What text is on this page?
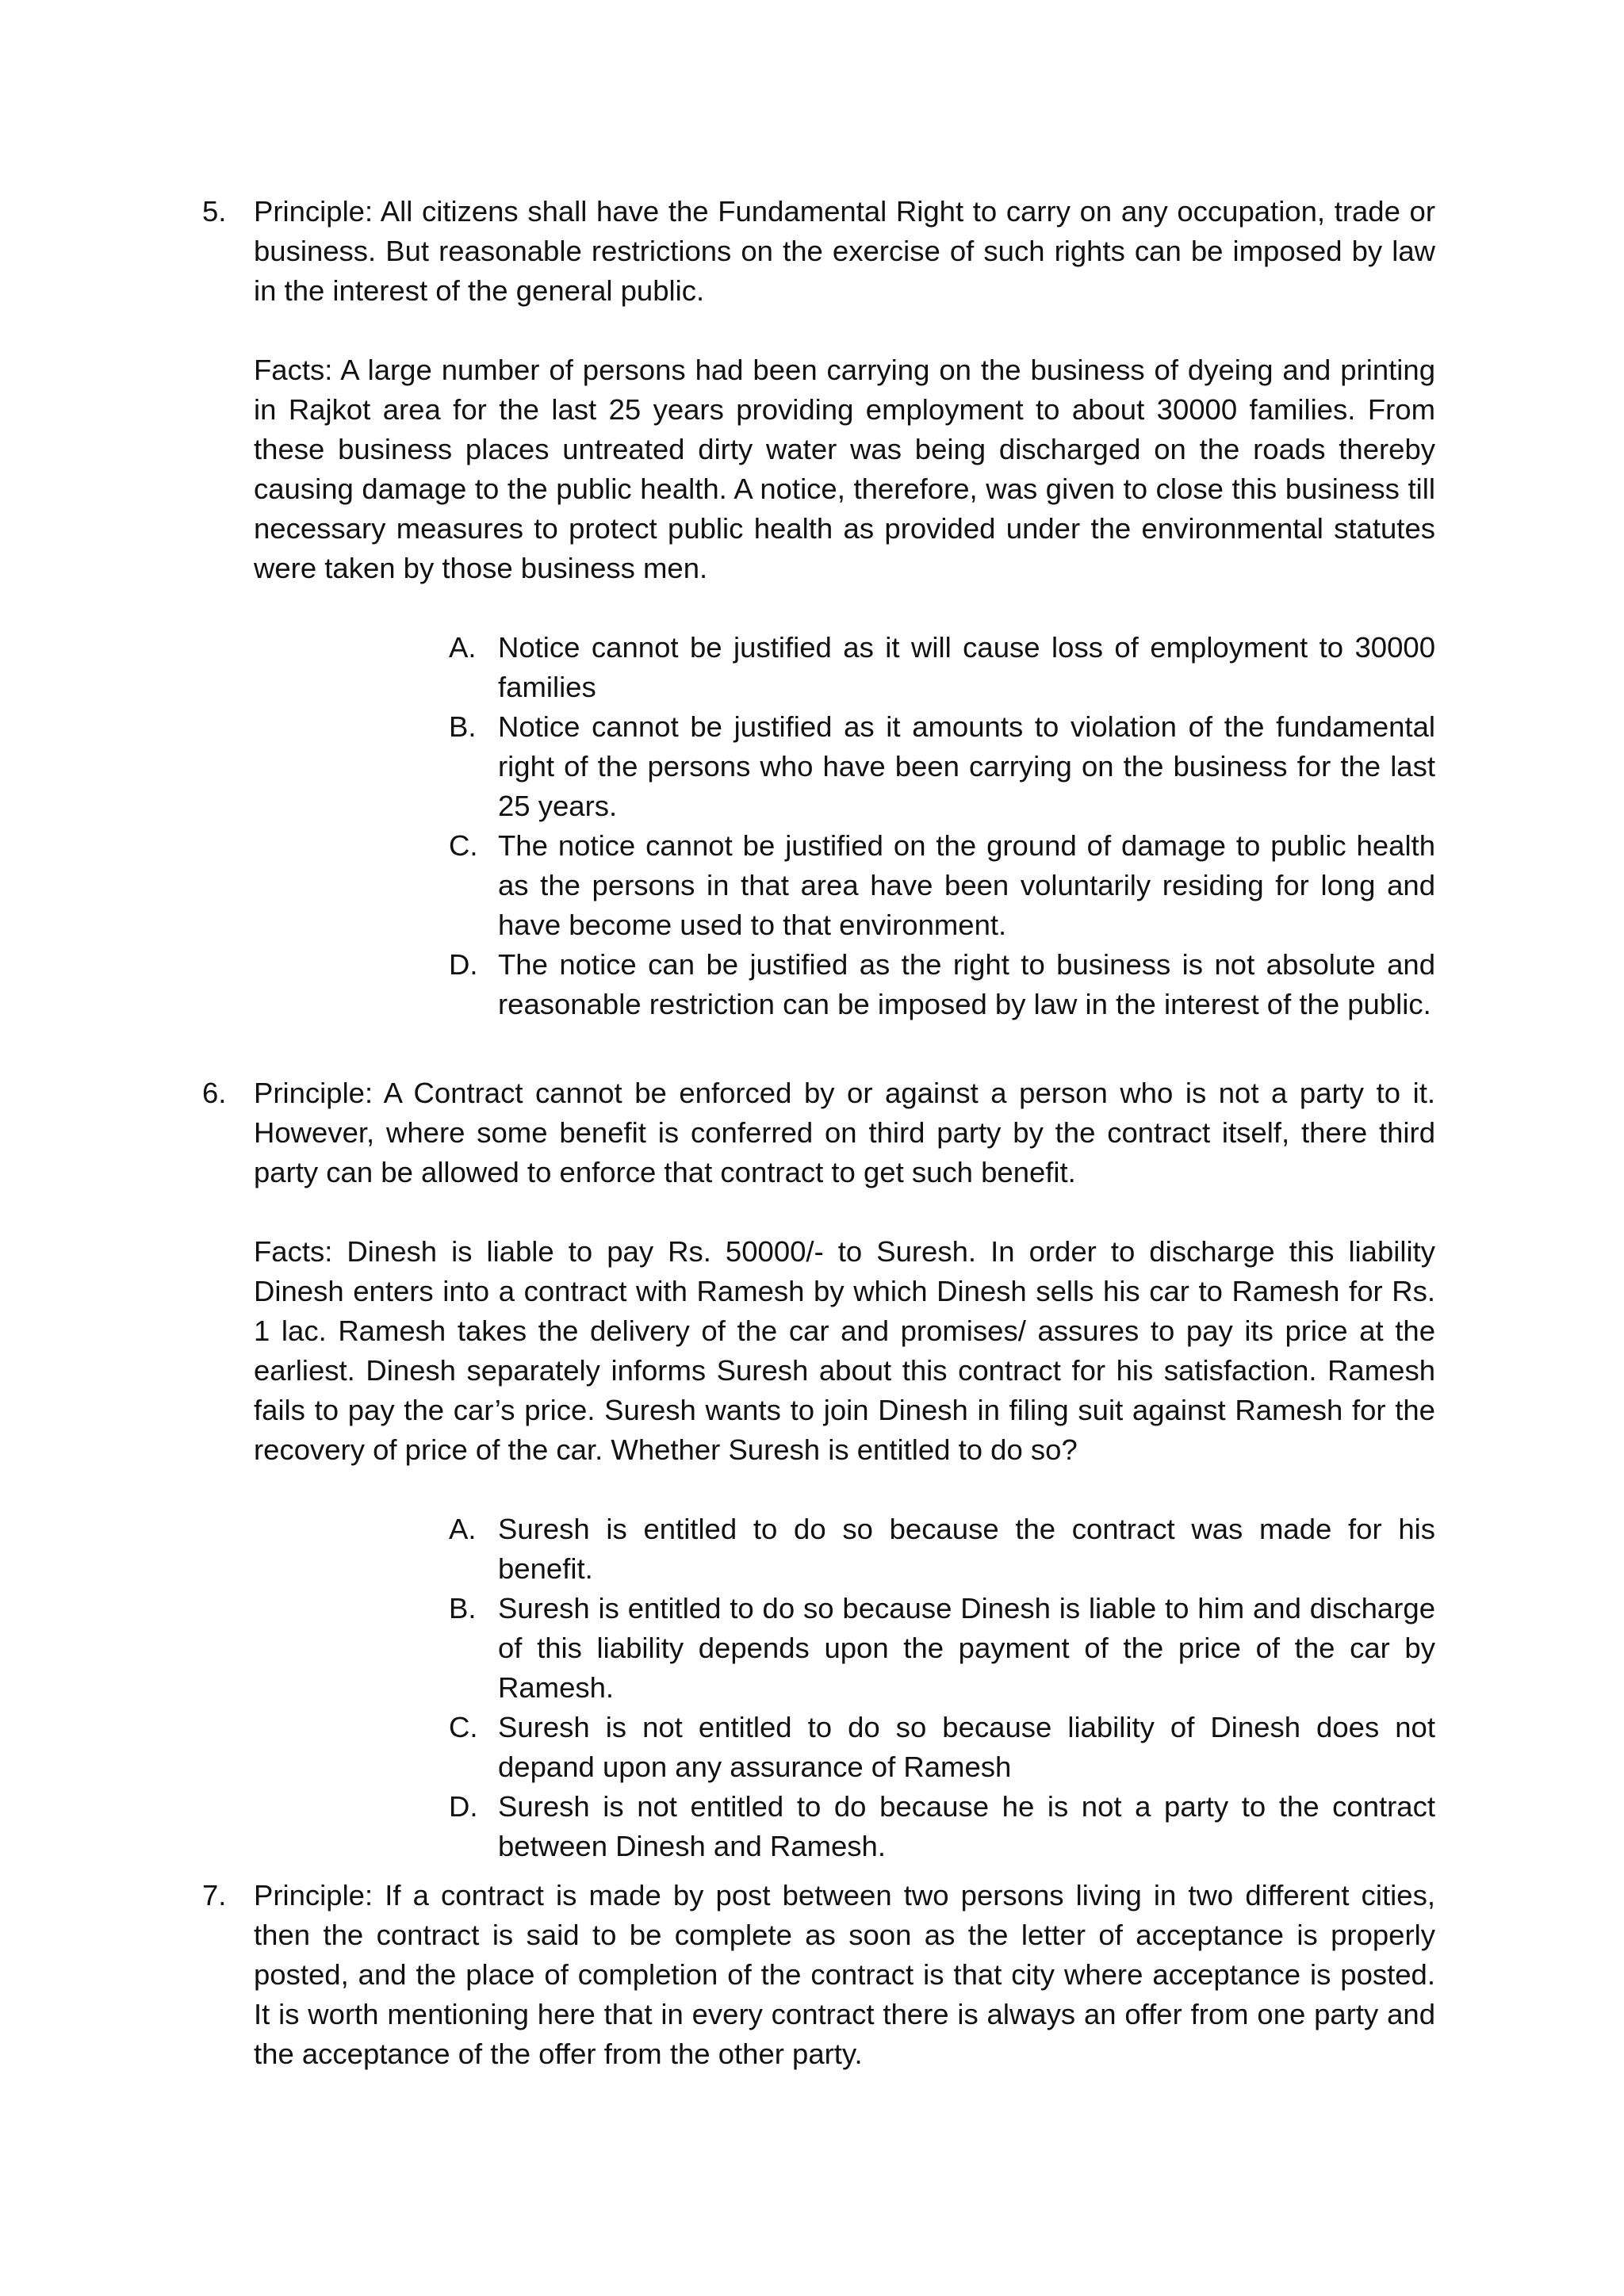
5. Principle: All citizens shall have the Fundamental Right to carry on any occupation, trade or business. But reasonable restrictions on the exercise of such rights can be imposed by law in the interest of the general public.

Facts: A large number of persons had been carrying on the business of dyeing and printing in Rajkot area for the last 25 years providing employment to about 30000 families. From these business places untreated dirty water was being discharged on the roads thereby causing damage to the public health. A notice, therefore, was given to close this business till necessary measures to protect public health as provided under the environmental statutes were taken by those business men.

A. Notice cannot be justified as it will cause loss of employment to 30000 families
B. Notice cannot be justified as it amounts to violation of the fundamental right of the persons who have been carrying on the business for the last 25 years.
C. The notice cannot be justified on the ground of damage to public health as the persons in that area have been voluntarily residing for long and have become used to that environment.
D. The notice can be justified as the right to business is not absolute and reasonable restriction can be imposed by law in the interest of the public.
6. Principle: A Contract cannot be enforced by or against a person who is not a party to it. However, where some benefit is conferred on third party by the contract itself, there third party can be allowed to enforce that contract to get such benefit.

Facts: Dinesh is liable to pay Rs. 50000/- to Suresh. In order to discharge this liability Dinesh enters into a contract with Ramesh by which Dinesh sells his car to Ramesh for Rs. 1 lac. Ramesh takes the delivery of the car and promises/ assures to pay its price at the earliest. Dinesh separately informs Suresh about this contract for his satisfaction. Ramesh fails to pay the car’s price. Suresh wants to join Dinesh in filing suit against Ramesh for the recovery of price of the car. Whether Suresh is entitled to do so?

A. Suresh is entitled to do so because the contract was made for his benefit.
B. Suresh is entitled to do so because Dinesh is liable to him and discharge of this liability depends upon the payment of the price of the car by Ramesh.
C. Suresh is not entitled to do so because liability of Dinesh does not depand upon any assurance of Ramesh
D. Suresh is not entitled to do because he is not a party to the contract between Dinesh and Ramesh.
7. Principle: If a contract is made by post between two persons living in two different cities, then the contract is said to be complete as soon as the letter of acceptance is properly posted, and the place of completion of the contract is that city where acceptance is posted. It is worth mentioning here that in every contract there is always an offer from one party and the acceptance of the offer from the other party.
